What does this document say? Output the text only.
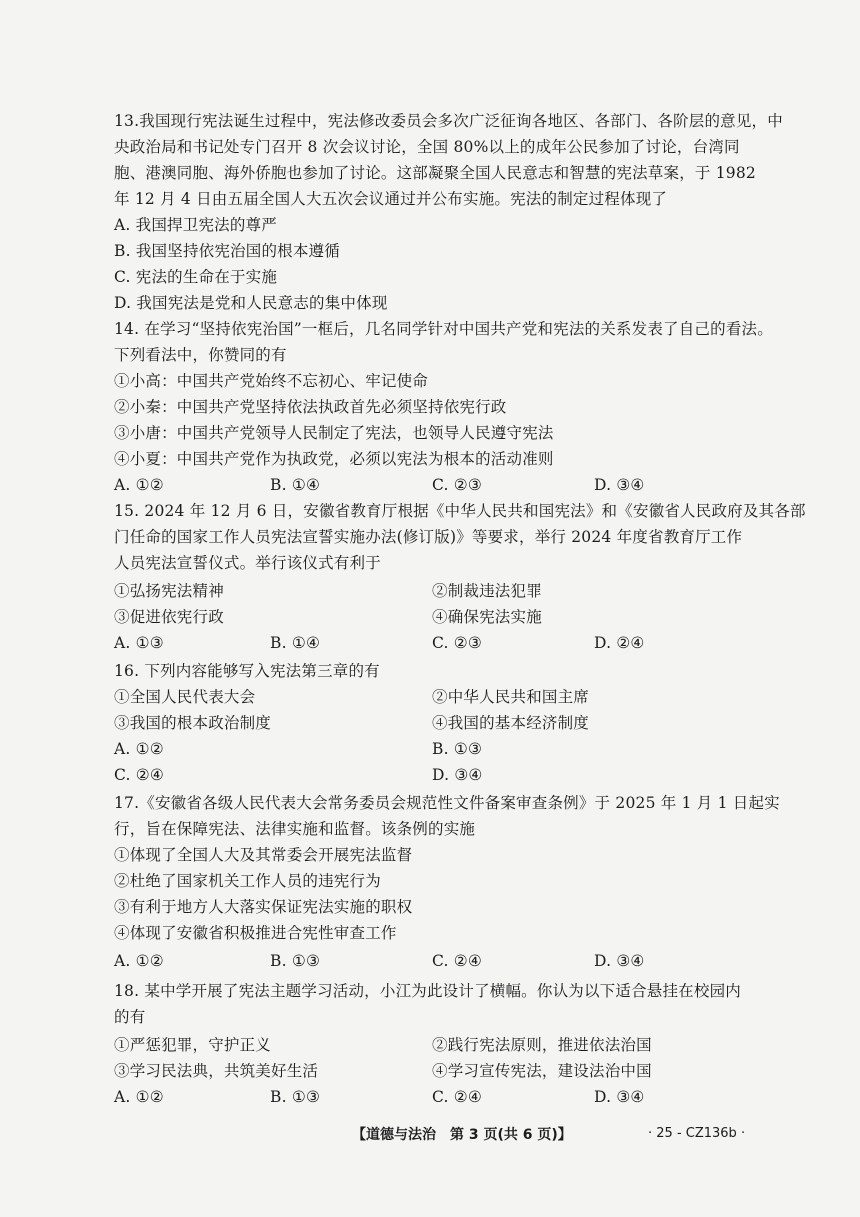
13.我国现行宪法诞生过程中，宪法修改委员会多次广泛征询各地区、各部门、各阶层的意见，中
央政治局和书记处专门召开 8 次会议讨论，全国 80%以上的成年公民参加了讨论，台湾同
胞、港澳同胞、海外侨胞也参加了讨论。这部凝聚全国人民意志和智慧的宪法草案，于 1982
年 12 月 4 日由五届全国人大五次会议通过并公布实施。宪法的制定过程体现了
A. 我国捍卫宪法的尊严
B. 我国坚持依宪治国的根本遵循
C. 宪法的生命在于实施
D. 我国宪法是党和人民意志的集中体现
14. 在学习“坚持依宪治国”一框后，几名同学针对中国共产党和宪法的关系发表了自己的看法。
下列看法中，你赞同的有
①小高：中国共产党始终不忘初心、牢记使命
②小秦：中国共产党坚持依法执政首先必须坚持依宪行政
③小唐：中国共产党领导人民制定了宪法，也领导人民遵守宪法
④小夏：中国共产党作为执政党，必须以宪法为根本的活动准则
A. ①②	B. ①④	C. ②③	D. ③④
15. 2024 年 12 月 6 日，安徽省教育厅根据《中华人民共和国宪法》和《安徽省人民政府及其各部
门任命的国家工作人员宪法宣誓实施办法(修订版)》等要求，举行 2024 年度省教育厅工作
人员宪法宣誓仪式。举行该仪式有利于
①弘扬宪法精神	②制裁违法犯罪
③促进依宪行政	④确保宪法实施
A. ①③	B. ①④	C. ②③	D. ②④
16. 下列内容能够写入宪法第三章的有
①全国人民代表大会	②中华人民共和国主席
③我国的根本政治制度	④我国的基本经济制度
A. ①②	B. ①③
C. ②④	D. ③④
17.《安徽省各级人民代表大会常务委员会规范性文件备案审查条例》于 2025 年 1 月 1 日起实
行，旨在保障宪法、法律实施和监督。该条例的实施
①体现了全国人大及其常委会开展宪法监督
②杜绝了国家机关工作人员的违宪行为
③有利于地方人大落实保证宪法实施的职权
④体现了安徽省积极推进合宪性审查工作
A. ①②	B. ①③	C. ②④	D. ③④
18. 某中学开展了宪法主题学习活动，小江为此设计了横幅。你认为以下适合悬挂在校园内
的有
①严惩犯罪，守护正义	②践行宪法原则，推进依法治国
③学习民法典，共筑美好生活	④学习宣传宪法，建设法治中国
A. ①②	B. ①③	C. ②④	D. ③④
【道德与法治　第 3 页(共 6 页)】	· 25 - CZ136b ·
